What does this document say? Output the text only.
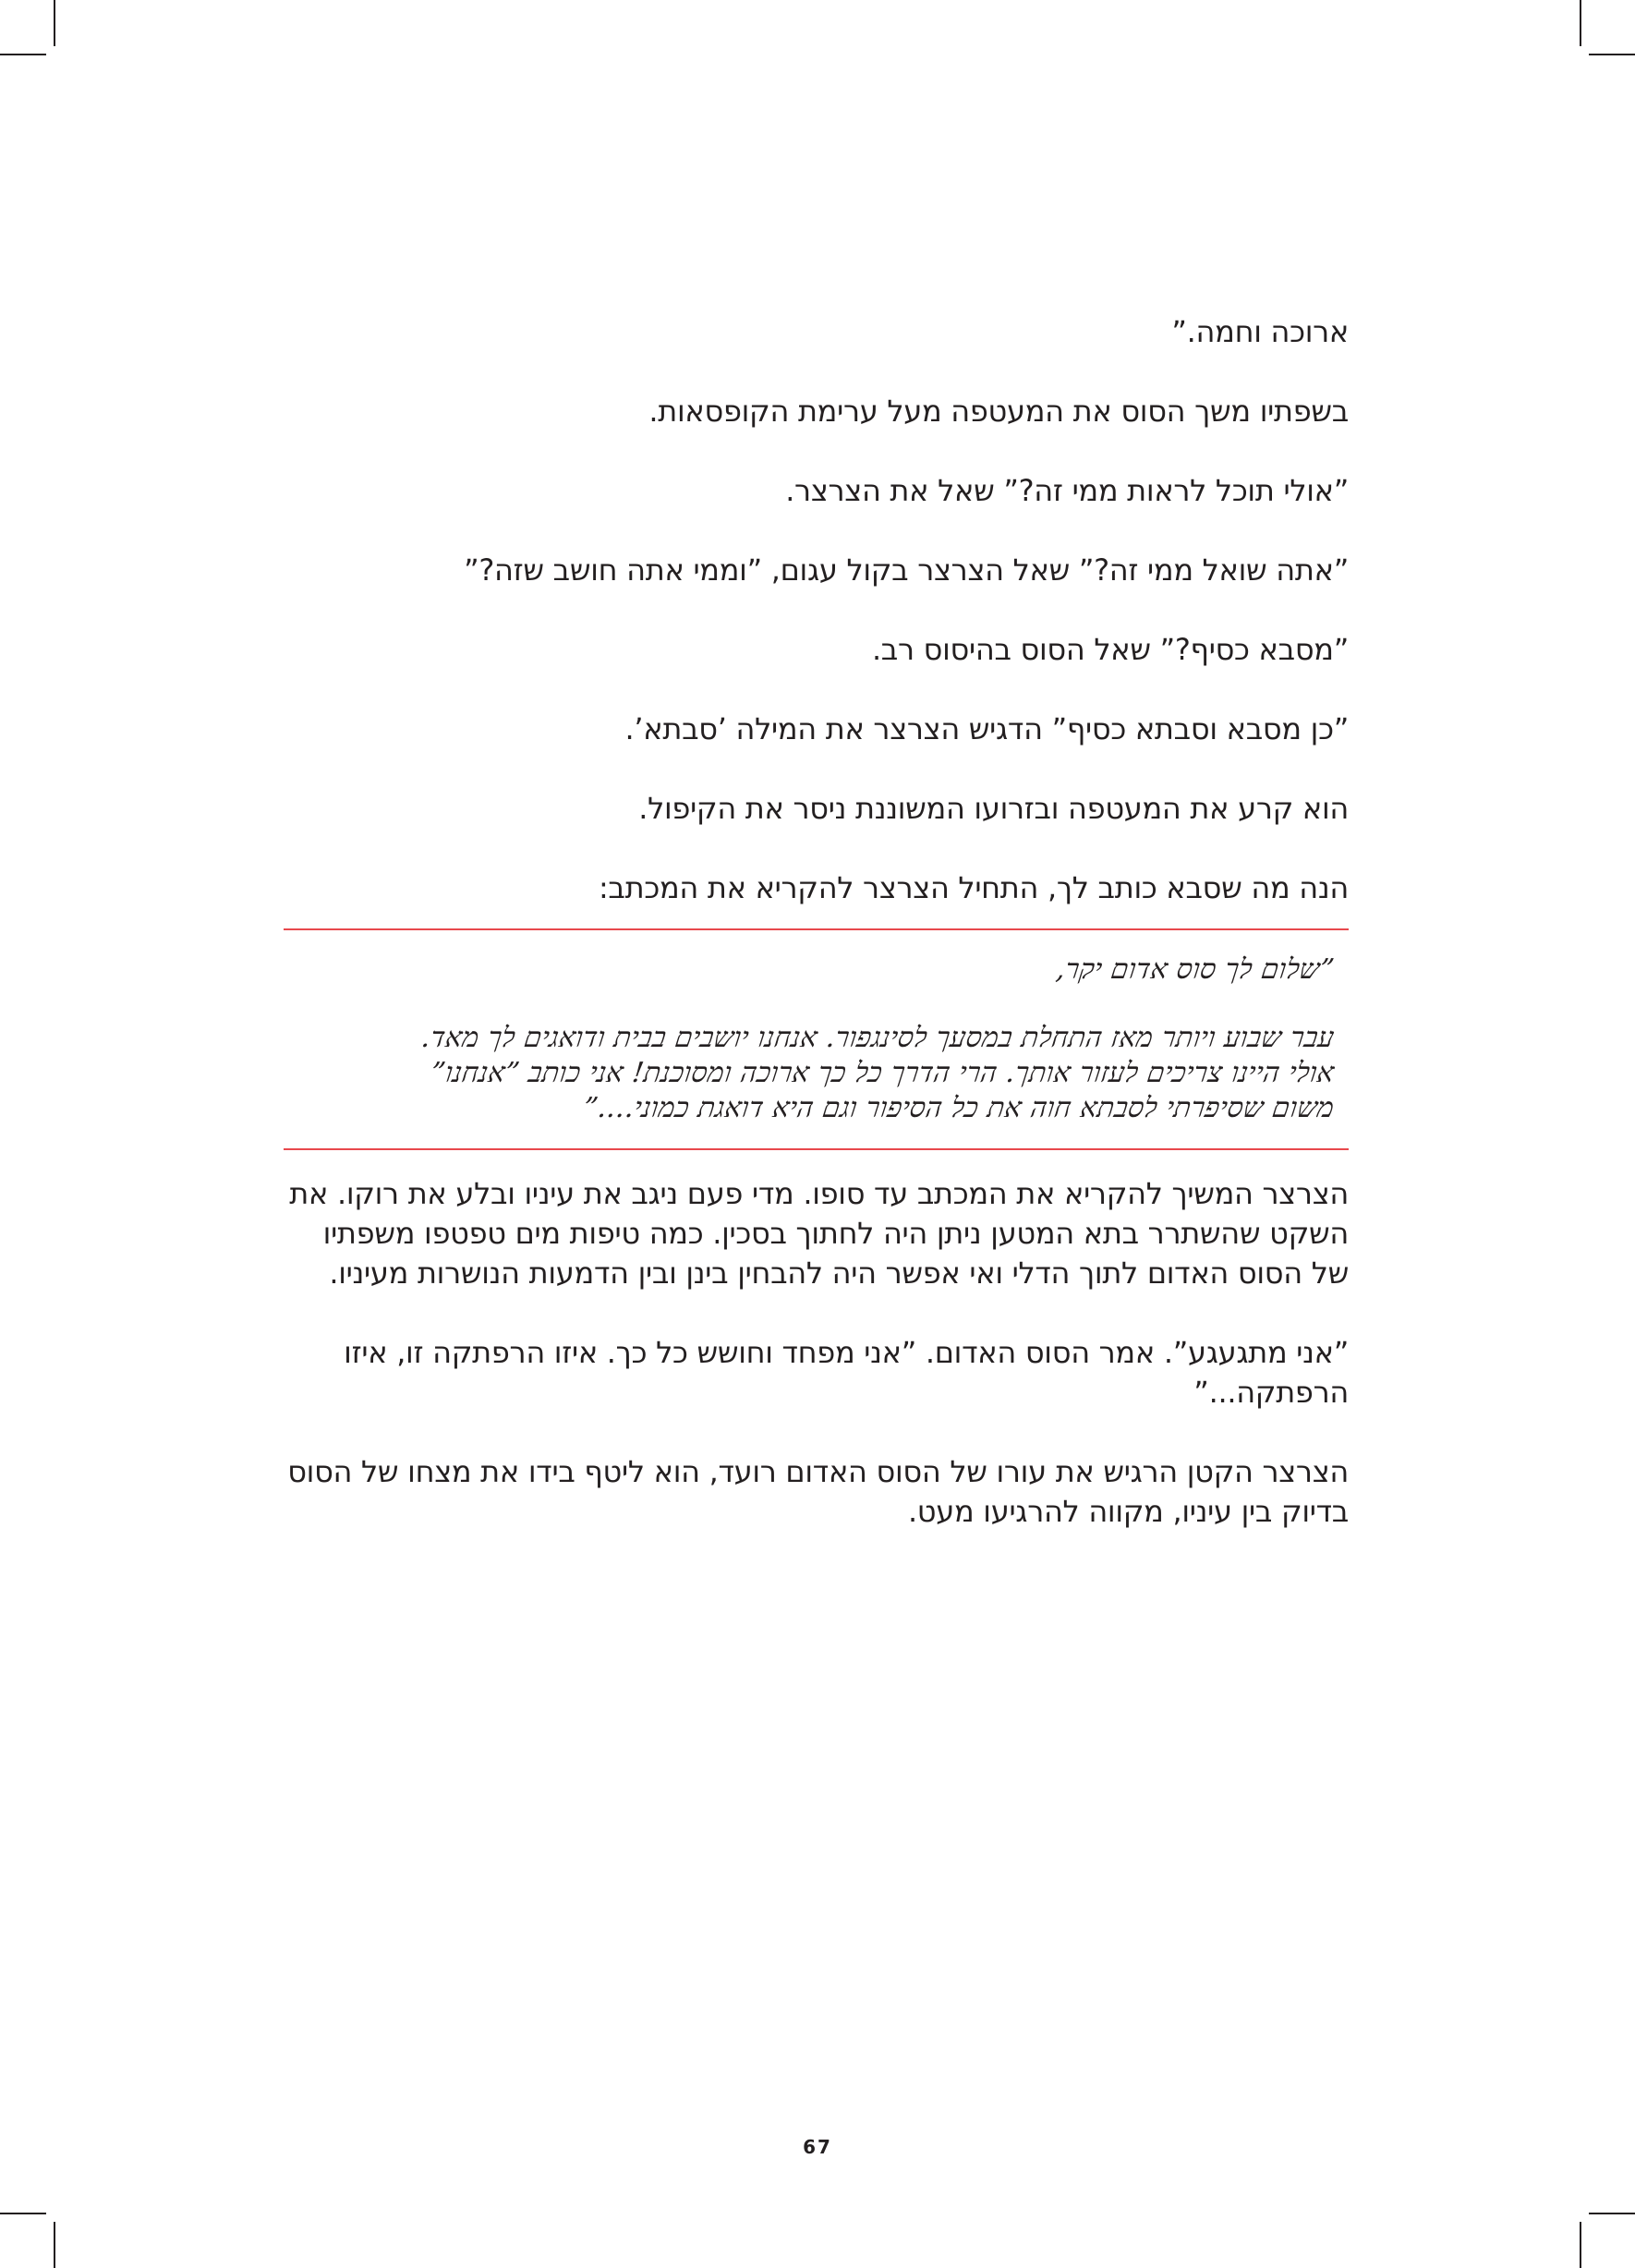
ארוכה וחמה.”

בשפתיו משך הסוס את המעטפה מעל ערימת הקופסאות.

”אולי תוכל לראות ממי זה?” שאל את הצרצר.

”אתה שואל ממי זה?” שאל הצרצר בקול עגום, ”וממי אתה חושב שזה?”

”מסבא כסיף?” שאל הסוס בהיסוס רב.

”כן מסבא וסבתא כסיף” הדגיש הצרצר את המילה ’סבתא’.

הוא קרע את המעטפה ובזרועו המשוננת ניסר את הקיפול.

הנה מה שסבא כותב לך, התחיל הצרצר להקריא את המכתב:

”שלום לך סוס אדום יקר,

עבר שבוע ויותר מאז התחלת במסעך לסינגפור. אנחנו יושבים בבית ודואגים לך מאד.

אולי היינו צריכים לעזור אותך. הרי הדרך כל כך ארוכה ומסוכנת! אני כותב ”אנחנו”

משום שסיפרתי לסבתא חוה את כל הסיפור וגם היא דואגת כמוני....”

הצרצר המשיך להקריא את המכתב עד סופו. מדי פעם ניגב את עיניו ובלע את רוקו. את השקט שהשתרר בתא המטען ניתן היה לחתוך בסכין. כמה טיפות מים טפטפו משפתיו של הסוס האדום לתוך הדלי ואי אפשר היה להבחין בינן ובין הדמעות הנושרות מעיניו.

”אני מתגעגע”. אמר הסוס האדום. ”אני מפחד וחושש כל כך. איזו הרפתקה זו, איזו הרפתקה...”

הצרצר הקטן הרגיש את עורו של הסוס האדום רועד, הוא ליטף בידו את מצחו של הסוס בדיוק בין עיניו, מקווה להרגיעו מעט.

67
